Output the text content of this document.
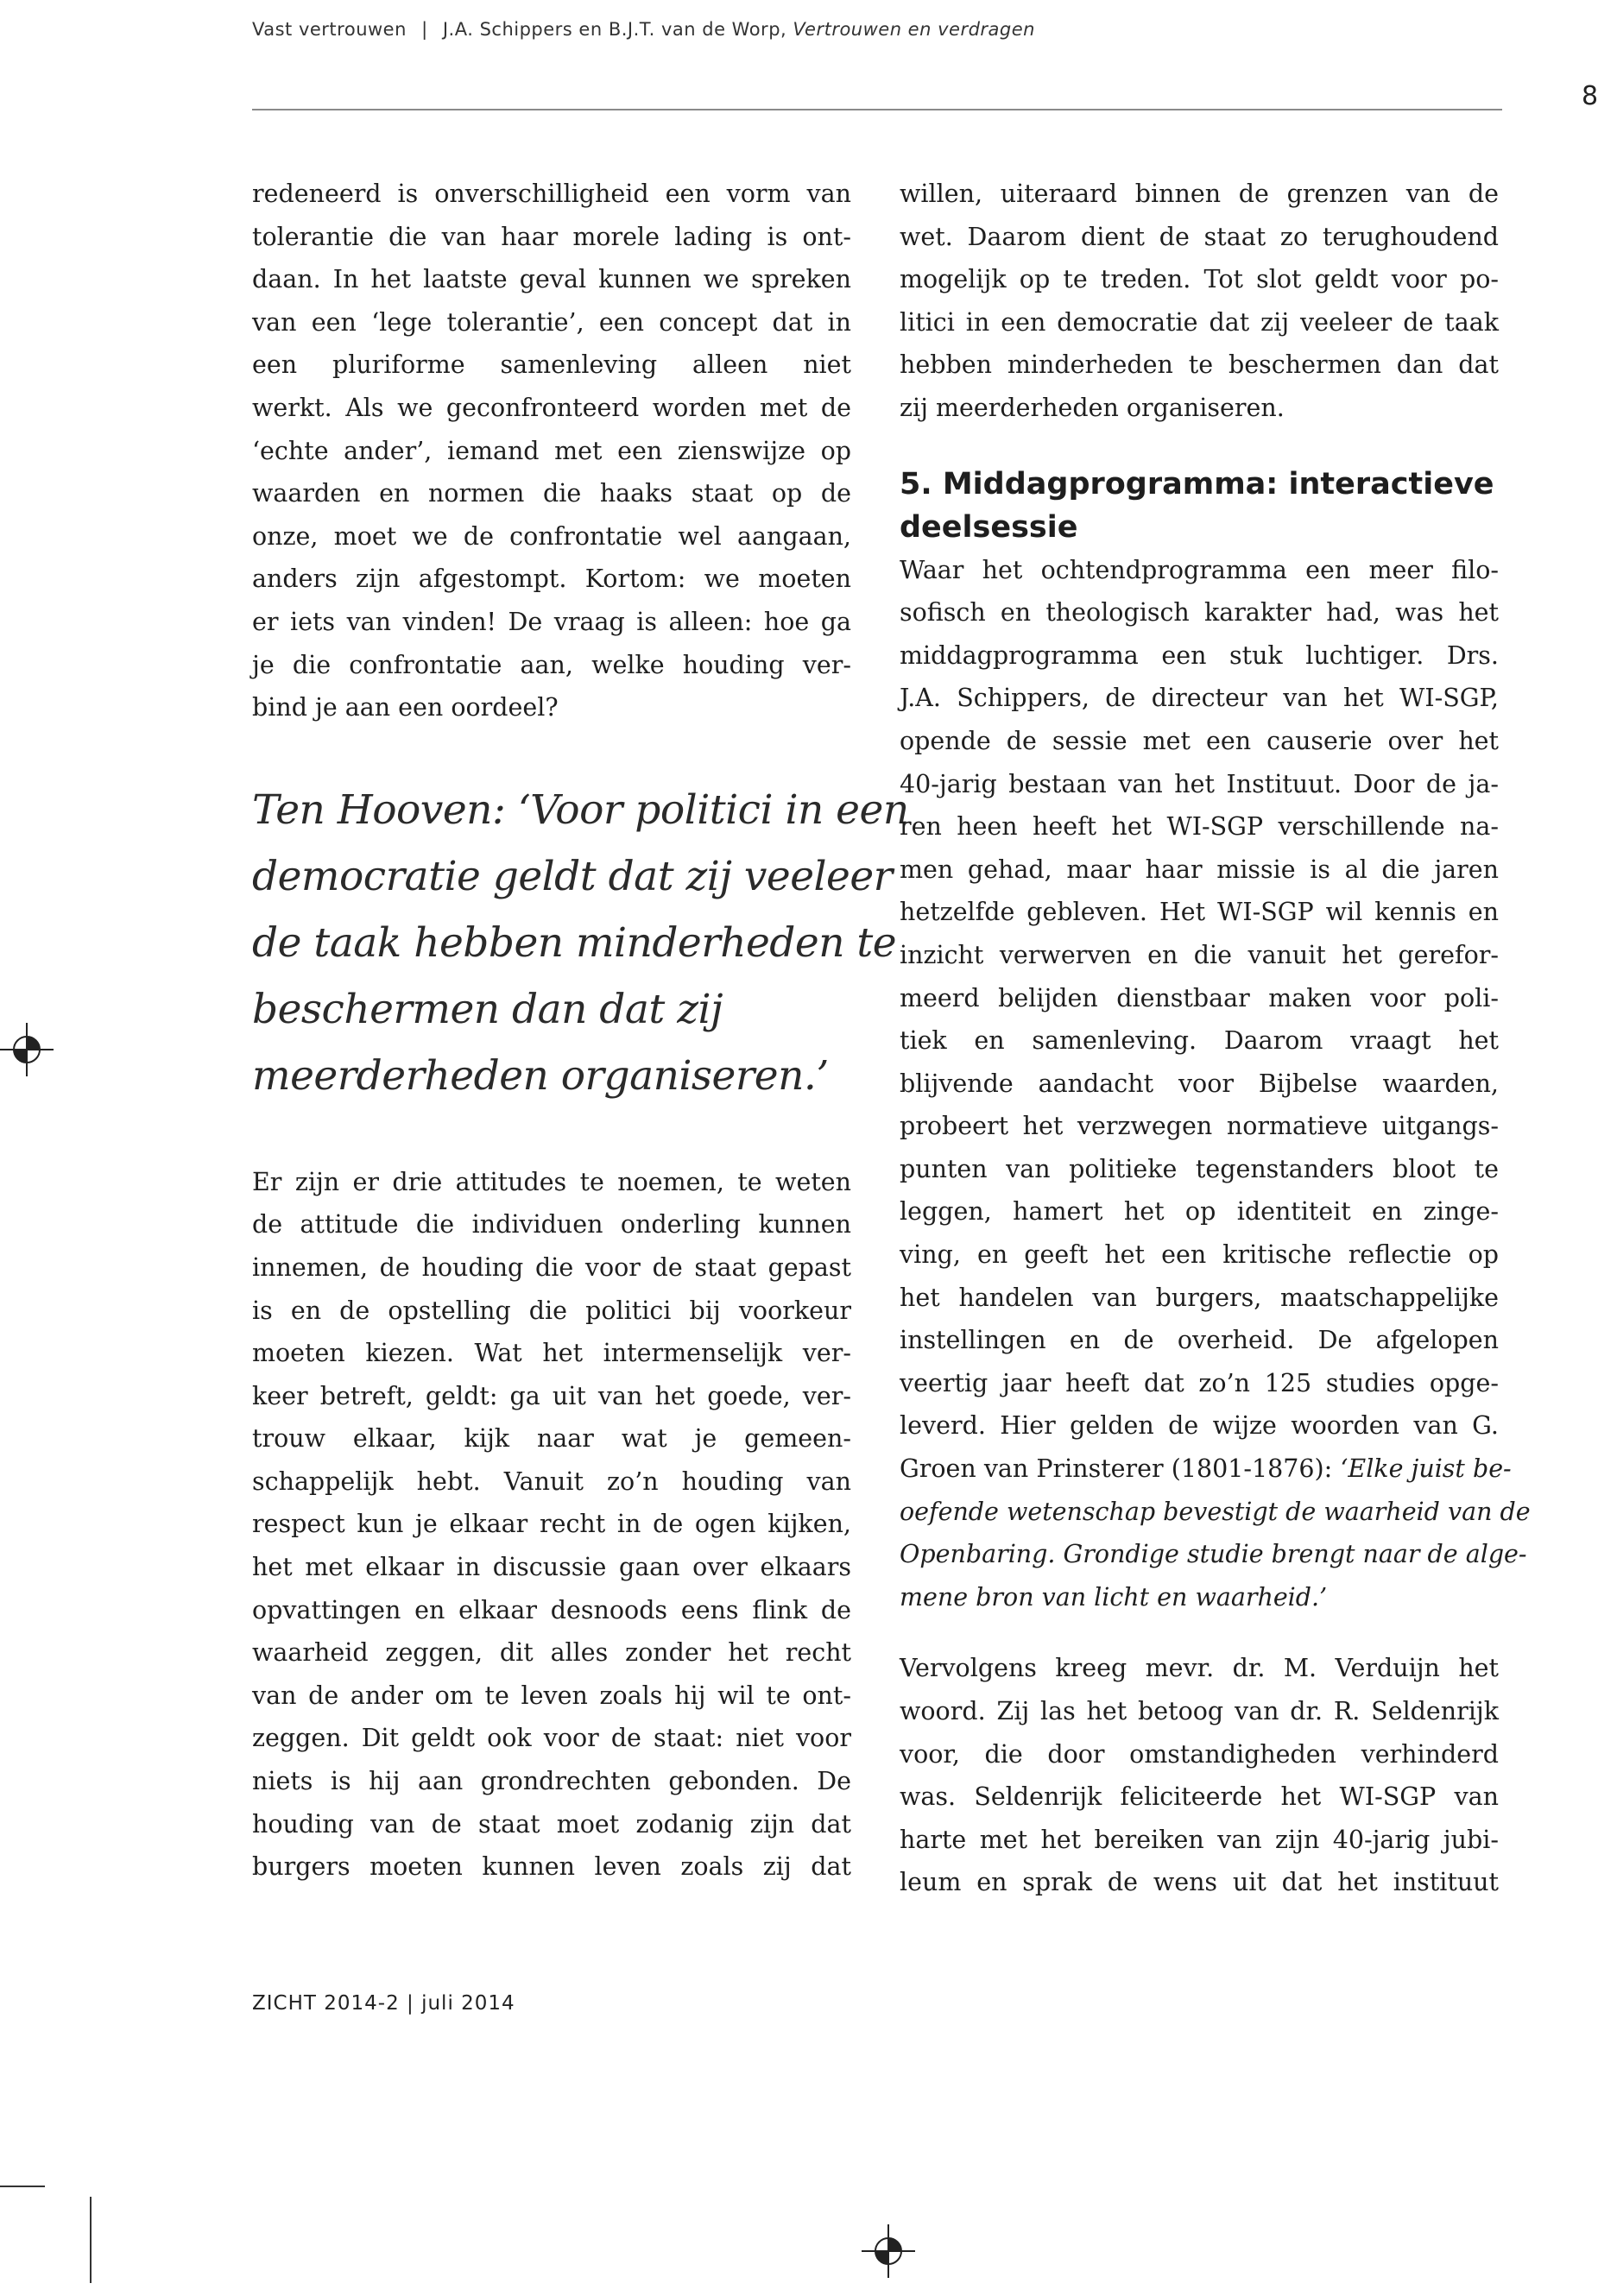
Vast vertrouwen | J.A. Schippers en B.J.T. van de Worp, Vertrouwen en verdragen
8
redeneerd is onverschilligheid een vorm van
tolerantie die van haar morele lading is ont-
daan. In het laatste geval kunnen we spreken
van een ‘lege tolerantie’, een concept dat in
een pluriforme samenleving alleen niet
werkt. Als we geconfronteerd worden met de
‘echte ander’, iemand met een zienswijze op
waarden en normen die haaks staat op de
onze, moet we de confrontatie wel aangaan,
anders zijn afgestompt. Kortom: we moeten
er iets van vinden! De vraag is alleen: hoe ga
je die confrontatie aan, welke houding ver-
bind je aan een oordeel?
Ten Hooven: ‘Voor politici in een
democratie geldt dat zij veeleer
de taak hebben minderheden te
beschermen dan dat zij
meerderheden organiseren.’
Er zijn er drie attitudes te noemen, te weten
de attitude die individuen onderling kunnen
innemen, de houding die voor de staat gepast
is en de opstelling die politici bij voorkeur
moeten kiezen. Wat het intermenselijk ver-
keer betreft, geldt: ga uit van het goede, ver-
trouw elkaar, kijk naar wat je gemeen-
schappelijk hebt. Vanuit zo’n houding van
respect kun je elkaar recht in de ogen kijken,
het met elkaar in discussie gaan over elkaars
opvattingen en elkaar desnoods eens flink de
waarheid zeggen, dit alles zonder het recht
van de ander om te leven zoals hij wil te ont-
zeggen. Dit geldt ook voor de staat: niet voor
niets is hij aan grondrechten gebonden. De
houding van de staat moet zodanig zijn dat
burgers moeten kunnen leven zoals zij dat
willen, uiteraard binnen de grenzen van de
wet. Daarom dient de staat zo terughoudend
mogelijk op te treden. Tot slot geldt voor po-
litici in een democratie dat zij veeleer de taak
hebben minderheden te beschermen dan dat
zij meerderheden organiseren.
5. Middagprogramma: interactieve
deelsessie
Waar het ochtendprogramma een meer filo-
sofisch en theologisch karakter had, was het
middagprogramma een stuk luchtiger. Drs.
J.A. Schippers, de directeur van het WI-SGP,
opende de sessie met een causerie over het
40-jarig bestaan van het Instituut. Door de ja-
ren heen heeft het WI-SGP verschillende na-
men gehad, maar haar missie is al die jaren
hetzelfde gebleven. Het WI-SGP wil kennis en
inzicht verwerven en die vanuit het gerefor-
meerd belijden dienstbaar maken voor poli-
tiek en samenleving. Daarom vraagt het
blijvende aandacht voor Bijbelse waarden,
probeert het verzwegen normatieve uitgangs-
punten van politieke tegenstanders bloot te
leggen, hamert het op identiteit en zinge-
ving, en geeft het een kritische reflectie op
het handelen van burgers, maatschappelijke
instellingen en de overheid. De afgelopen
veertig jaar heeft dat zo’n 125 studies opge-
leverd. Hier gelden de wijze woorden van G.
Groen van Prinsterer (1801-1876): ‘Elke juist be-
oefende wetenschap bevestigt de waarheid van de
Openbaring. Grondige studie brengt naar de alge-
mene bron van licht en waarheid.’
Vervolgens kreeg mevr. dr. M. Verduijn het
woord. Zij las het betoog van dr. R. Seldenrijk
voor, die door omstandigheden verhinderd
was. Seldenrijk feliciteerde het WI-SGP van
harte met het bereiken van zijn 40-jarig jubi-
leum en sprak de wens uit dat het instituut
ZICHT 2014-2 | juli 2014
